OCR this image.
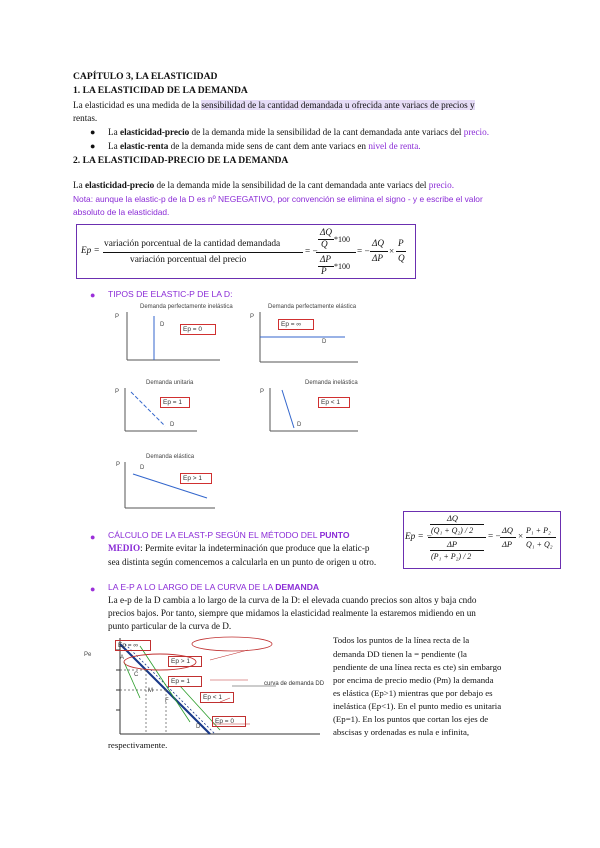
CAPÍTULO 3, LA ELASTICIDAD
1. LA ELASTICIDAD DE LA DEMANDA
La elasticidad es una medida de la sensibilidad de la cantidad demandada u ofrecida ante variacs de precios y
rentas.
● La elasticidad-precio de la demanda mide la sensibilidad de la cant demandada ante variacs del precio.
● La elastic-renta de la demanda mide sens de cant dem ante variacs en nivel de renta.
2. LA ELASTICIDAD-PRECIO DE LA DEMANDA
La elasticidad-precio de la demanda mide la sensibilidad de la cant demandada ante variacs del precio.
Nota: aunque la elastic-p de la D es nº NEGEGATIVO, por convención se elimina el signo - y e escribe el valor
absoluto de la elasticidad.
Ep =
variación porcentual de la cantidad demandada
variación porcentual del precio
= −
ΔQ
Q *100
ΔP
P *100
= −
ΔQ
ΔP
×
P
Q
● TIPOS DE ELASTIC-P DE LA D:
Demanda perfectamente inelástica
P
D
Ep = 0
Demanda perfectamente elástica
P
D
Ep = ∞
Demanda unitaria
P
D
Ep = 1
Demanda inelástica
P
D
Ep < 1
Demanda elástica
P	D
Ep > 1
● CÁLCULO DE LA ELAST-P SEGÚN EL MÉTODO DEL PUNTO
MEDIO: Permite evitar la indeterminación que produce que la elatic-p
sea distinta según comencemos a calcularla en un punto de origen u otro.
Ep = −
ΔQ
(Q₁ + Q₂) / 2
ΔP
(P₁ + P₂) / 2
= −
ΔQ
ΔP
×
P₁ + P₂
Q₁ + Q₂
● LA E-P A LO LARGO DE LA CURVA DE LA DEMANDA
La e-p de la D cambia a lo largo de la curva de la D: el elevada cuando precios son altos y baja cndo
precios bajos. Por tanto, siempre que midamos la elasticidad realmente la estaremos midiendo en un
punto particular de la curva de D.
Todos los puntos de la línea recta de la
demanda DD tienen la = pendiente (la
pendiente de una línea recta es cte) sin embargo
por encima de precio medio (Pm) la demanda
es elástica (Ep>1) mientras que por debajo es
inelástica (Ep<1). En el punto medio es unitaria
(Ep=1). En los puntos que cortan los ejes de
abscisas y ordenadas es nula e infinita,
respectivamente.
Pe
Ep = ∞
Ep > 1
Ep = 1
Ep < 1
Ep = 0
curva de demanda DD
A
C
M
F
D
